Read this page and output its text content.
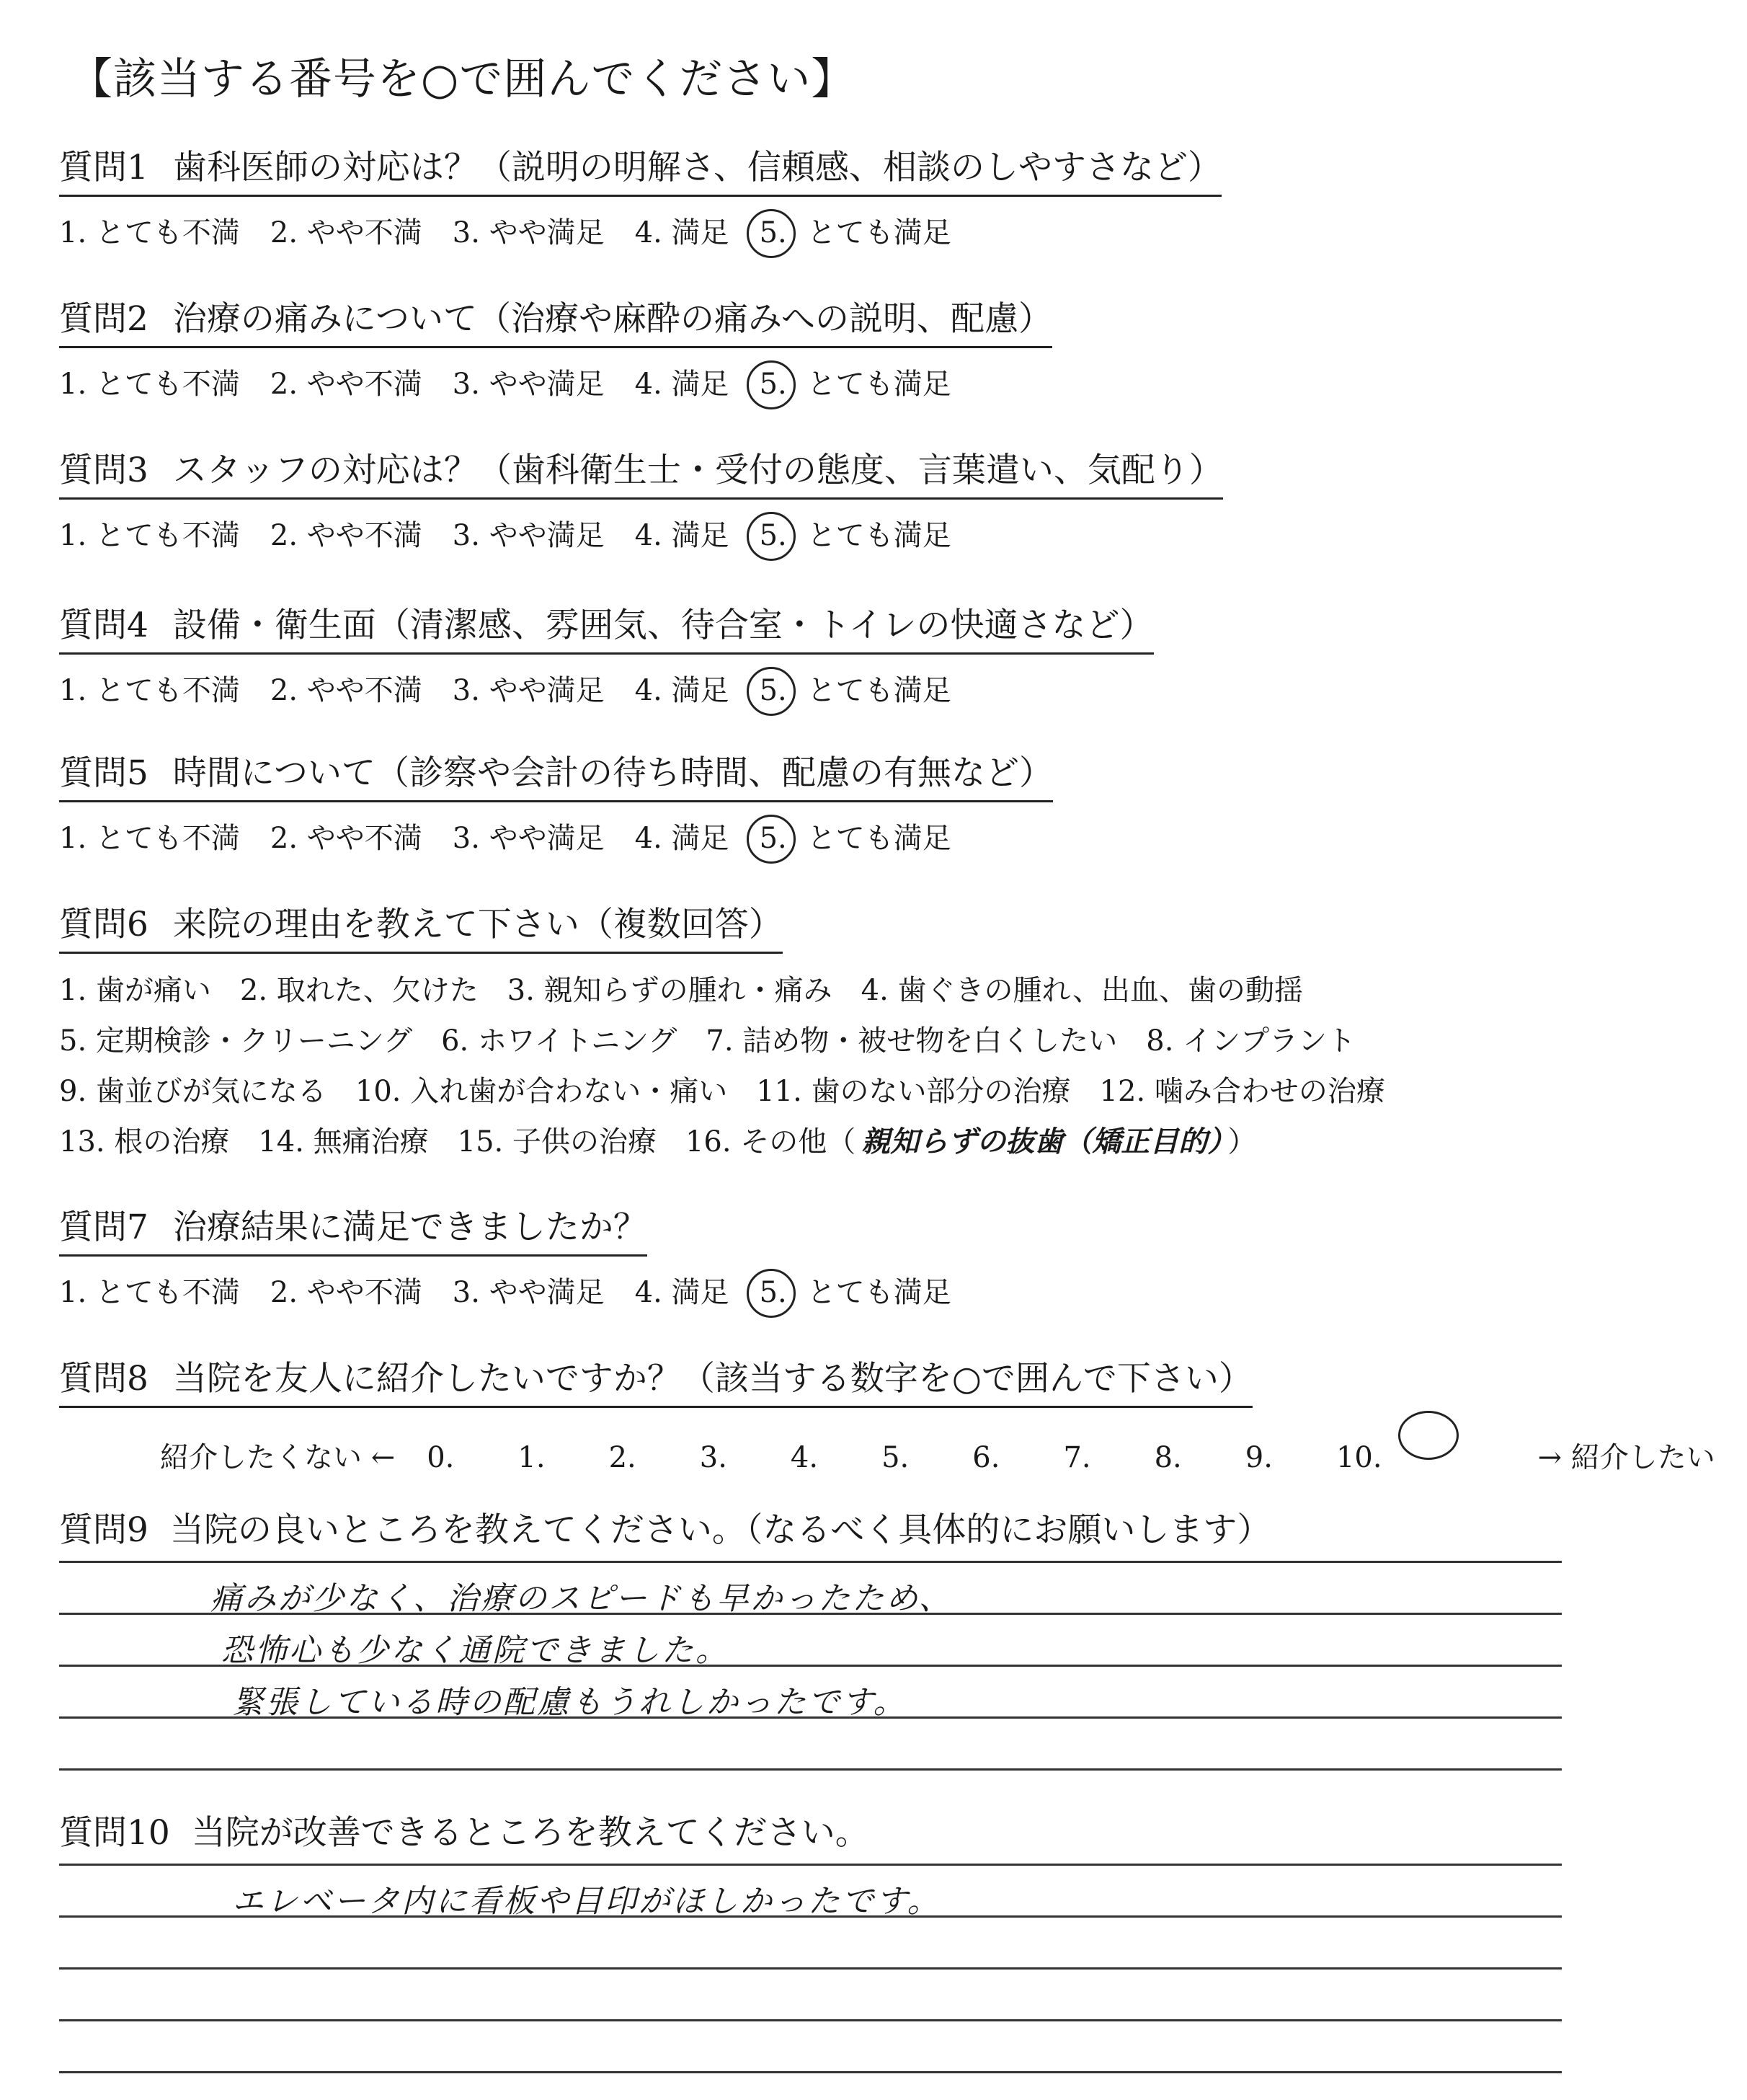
【該当する番号を○で囲んでください】
質問1 歯科医師の対応は？（説明の明解さ、信頼感、相談のしやすさなど）
1. とても不満 2. やや不満 3. やや満足 4. 満足 5. とても満足
質問2 治療の痛みについて（治療や麻酔の痛みへの説明、配慮）
1. とても不満 2. やや不満 3. やや満足 4. 満足 5. とても満足
質問3 スタッフの対応は？（歯科衛生士・受付の態度、言葉遣い、気配り）
1. とても不満 2. やや不満 3. やや満足 4. 満足 5. とても満足
質問4 設備・衛生面（清潔感、雰囲気、待合室・トイレの快適さなど）
1. とても不満 2. やや不満 3. やや満足 4. 満足 5. とても満足
質問5 時間について（診察や会計の待ち時間、配慮の有無など）
1. とても不満 2. やや不満 3. やや満足 4. 満足 5. とても満足
質問6 来院の理由を教えて下さい（複数回答）
1. 歯が痛い 2. 取れた、欠けた 3. 親知らずの腫れ・痛み 4. 歯ぐきの腫れ、出血、歯の動揺
5. 定期検診・クリーニング 6. ホワイトニング 7. 詰め物・被せ物を白くしたい 8. インプラント
9. 歯並びが気になる 10. 入れ歯が合わない・痛い 11. 歯のない部分の治療 12. 噛み合わせの治療
13. 根の治療 14. 無痛治療 15. 子供の治療 16. その他（ 親知らずの抜歯（矯正目的） ）
質問7 治療結果に満足できましたか？
1. とても不満 2. やや不満 3. やや満足 4. 満足 5. とても満足
質問8 当院を友人に紹介したいですか？（該当する数字を○で囲んで下さい）
紹介したくない ← 0. 1. 2. 3. 4. 5. 6. 7. 8. 9. 10.	→ 紹介したい
質問9 当院の良いところを教えてください。（なるべく具体的にお願いします）
痛みが少なく、治療のスピードも早かったため、
恐怖心も少なく通院できました。
緊張している時の配慮もうれしかったです。
質問10 当院が改善できるところを教えてください。
エレベータ内に看板や目印がほしかったです。
